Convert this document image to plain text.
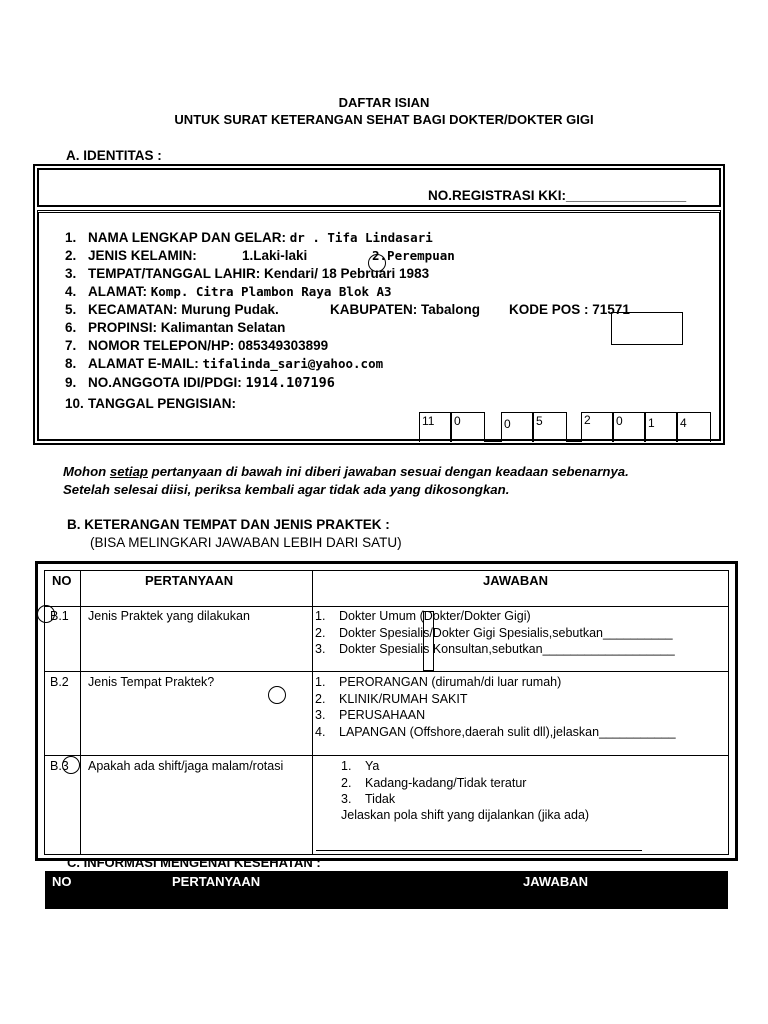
DAFTAR ISIAN
UNTUK SURAT KETERANGAN SEHAT BAGI DOKTER/DOKTER GIGI
A. IDENTITAS :
NO.REGISTRASI KKI:________________
1. NAMA LENGKAP DAN GELAR: dr . Tifa Lindasari
2. JENIS KELAMIN:	1.Laki-laki	2.Perempuan
3. TEMPAT/TANGGAL LAHIR: Kendari/ 18 Pebruari 1983
4. ALAMAT: Komp. Citra Plambon Raya Blok A3
5. KECAMATAN: Murung Pudak.	KABUPATEN: Tabalong KODE POS : 71571
6. PROPINSI: Kalimantan Selatan
7. NOMOR TELEPON/HP: 085349303899
8. ALAMAT E-MAIL: tifalinda_sari@yahoo.com
9. NO.ANGGOTA IDI/PDGI: 1914.107196
10. TANGGAL PENGISIAN:
11	0	0	5	2	0	1	4
Mohon setiap pertanyaan di bawah ini diberi jawaban sesuai dengan keadaan sebenarnya.
Setelah selesai diisi, periksa kembali agar tidak ada yang dikosongkan.
B. KETERANGAN TEMPAT DAN JENIS PRAKTEK :
(BISA MELINGKARI JAWABAN LEBIH DARI SATU)
NO	PERTANYAAN	JAWABAN
B.1 Jenis Praktek yang dilakukan	1.	Dokter Umum (Dokter/Dokter Gigi)
2.	Dokter Spesialis/Dokter Gigi Spesialis,sebutkan__________
3.	Dokter Spesialis Konsultan,sebutkan___________________
B.2 Jenis Tempat Praktek?	1.	PERORANGAN (dirumah/di luar rumah)
2.	KLINIK/RUMAH SAKIT
3.	PERUSAHAAN
4.	LAPANGAN (Offshore,daerah sulit dll),jelaskan___________
B.3 Apakah ada shift/jaga malam/rotasi	1.	Ya
2.	Kadang-kadang/Tidak teratur
3.	Tidak
Jelaskan pola shift yang dijalankan (jika ada)
C. INFORMASI MENGENAI KESEHATAN :
NO	PERTANYAAN	JAWABAN
